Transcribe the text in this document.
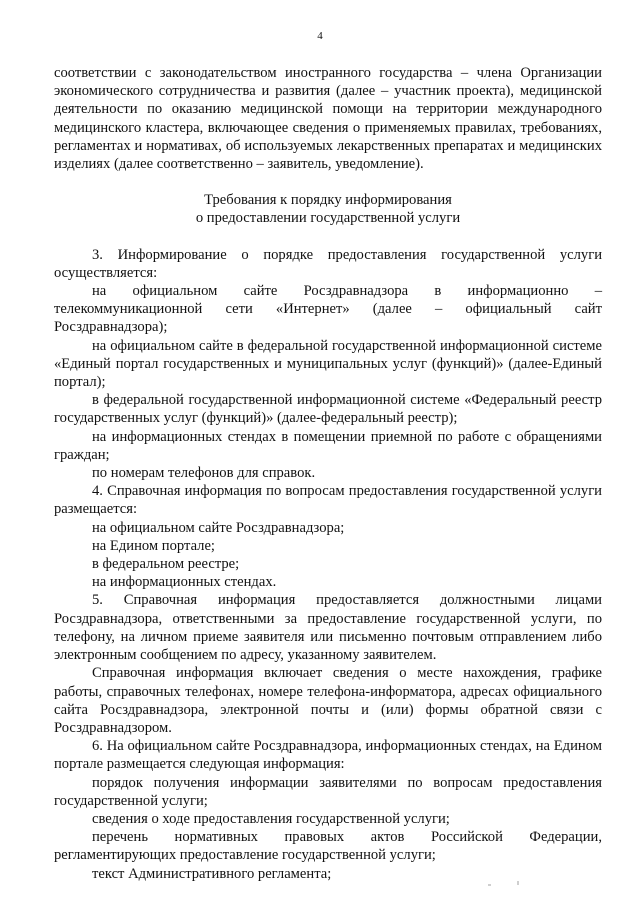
4

соответствии с законодательством иностранного государства – члена Организации экономического сотрудничества и развития (далее – участник проекта), медицинской деятельности по оказанию медицинской помощи на территории международного медицинского кластера, включающее сведения о применяемых правилах, требованиях, регламентах и нормативах, об используемых лекарственных препаратах и медицинских изделиях (далее соответственно – заявитель, уведомление).

Требования к порядку информирования
о предоставлении государственной услуги

3. Информирование о порядке предоставления государственной услуги осуществляется:

на официальном сайте Росздравнадзора в информационно – телекоммуникационной сети «Интернет» (далее – официальный сайт Росздравнадзора);

на официальном сайте в федеральной государственной информационной системе «Единый портал государственных и муниципальных услуг (функций)» (далее-Единый портал);

в федеральной государственной информационной системе «Федеральный реестр государственных услуг (функций)» (далее-федеральный реестр);

на информационных стендах в помещении приемной по работе с обращениями граждан;

по номерам телефонов для справок.

4. Справочная информация по вопросам предоставления государственной услуги размещается:

на официальном сайте Росздравнадзора;

на Едином портале;

в федеральном реестре;

на информационных стендах.

5. Справочная информация предоставляется должностными лицами Росздравнадзора, ответственными за предоставление государственной услуги, по телефону, на личном приеме заявителя или письменно почтовым отправлением либо электронным сообщением по адресу, указанному заявителем.

Справочная информация включает сведения о месте нахождения, графике работы, справочных телефонах, номере телефона-информатора, адресах официального сайта Росздравнадзора, электронной почты и (или) формы обратной связи с Росздравнадзором.

6. На официальном сайте Росздравнадзора, информационных стендах, на Едином портале размещается следующая информация:

порядок получения информации заявителями по вопросам предоставления государственной услуги;

сведения о ходе предоставления государственной услуги;

перечень нормативных правовых актов Российской Федерации, регламентирующих предоставление государственной услуги;

текст Административного регламента;
